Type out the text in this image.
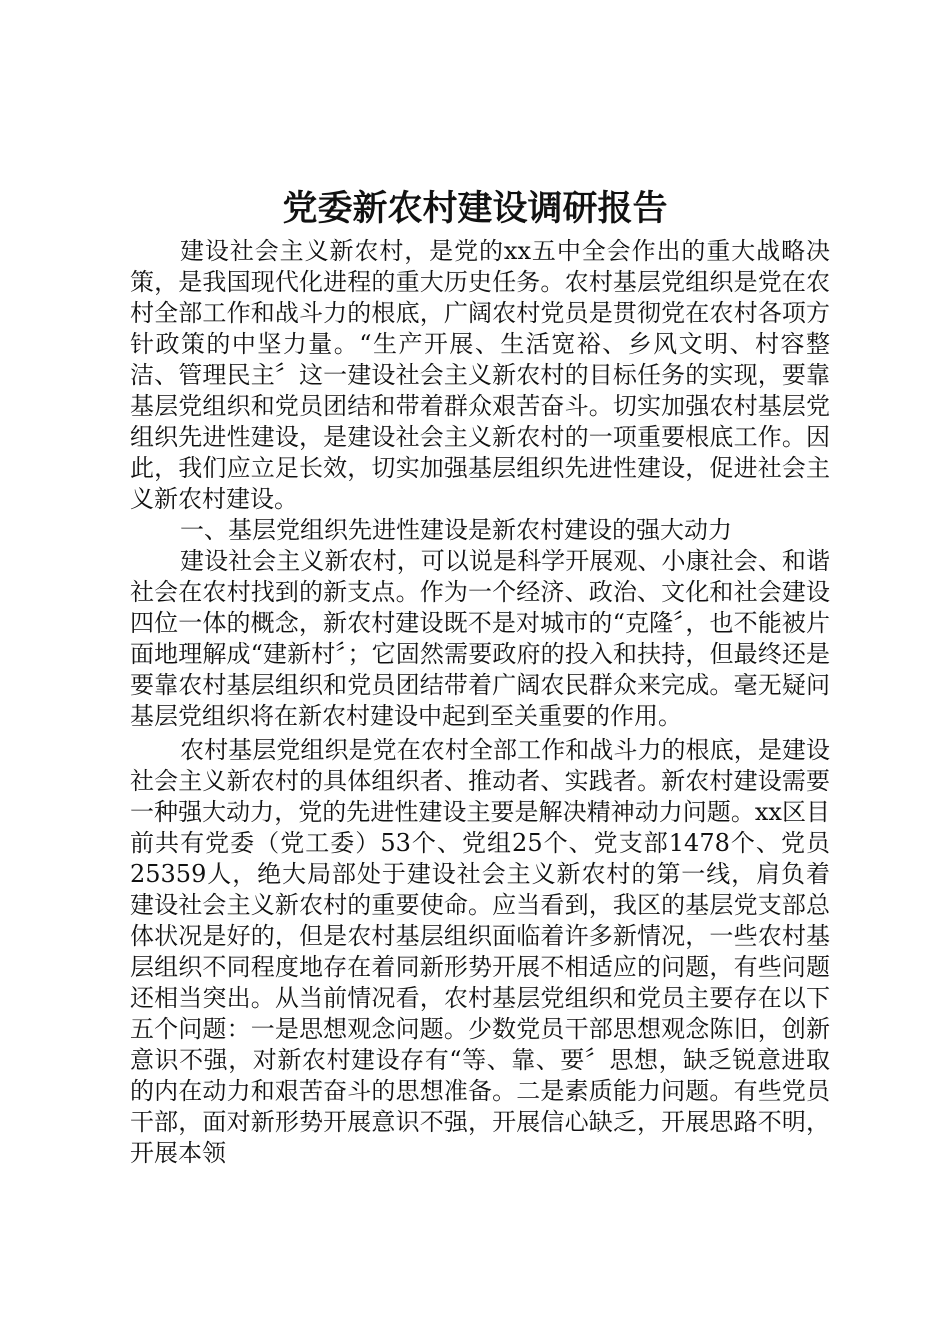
党委新农村建设调研报告

建设社会主义新农村，是党的xx五中全会作出的重大战略决策，是我国现代化进程的重大历史任务。农村基层党组织是党在农村全部工作和战斗力的根底，广阔农村党员是贯彻党在农村各项方针政策的中坚力量。“生产开展、生活宽裕、乡风文明、村容整洁、管理民主〞这一建设社会主义新农村的目标任务的实现，要靠基层党组织和党员团结和带着群众艰苦奋斗。切实加强农村基层党组织先进性建设，是建设社会主义新农村的一项重要根底工作。因此，我们应立足长效，切实加强基层组织先进性建设，促进社会主义新农村建设。

一、基层党组织先进性建设是新农村建设的强大动力

建设社会主义新农村，可以说是科学开展观、小康社会、和谐社会在农村找到的新支点。作为一个经济、政治、文化和社会建设四位一体的概念，新农村建设既不是对城市的“克隆〞，也不能被片面地理解成“建新村〞；它固然需要政府的投入和扶持，但最终还是要靠农村基层组织和党员团结带着广阔农民群众来完成。毫无疑问基层党组织将在新农村建设中起到至关重要的作用。

农村基层党组织是党在农村全部工作和战斗力的根底，是建设社会主义新农村的具体组织者、推动者、实践者。新农村建设需要一种强大动力，党的先进性建设主要是解决精神动力问题。xx区目前共有党委（党工委）53个、党组25个、党支部1478个、党员25359人，绝大局部处于建设社会主义新农村的第一线，肩负着建设社会主义新农村的重要使命。应当看到，我区的基层党支部总体状况是好的，但是农村基层组织面临着许多新情况，一些农村基层组织不同程度地存在着同新形势开展不相适应的问题，有些问题还相当突出。从当前情况看，农村基层党组织和党员主要存在以下五个问题：一是思想观念问题。少数党员干部思想观念陈旧，创新意识不强，对新农村建设存有“等、靠、要〞思想，缺乏锐意进取的内在动力和艰苦奋斗的思想准备。二是素质能力问题。有些党员干部，面对新形势开展意识不强，开展信心缺乏，开展思路不明，开展本领
